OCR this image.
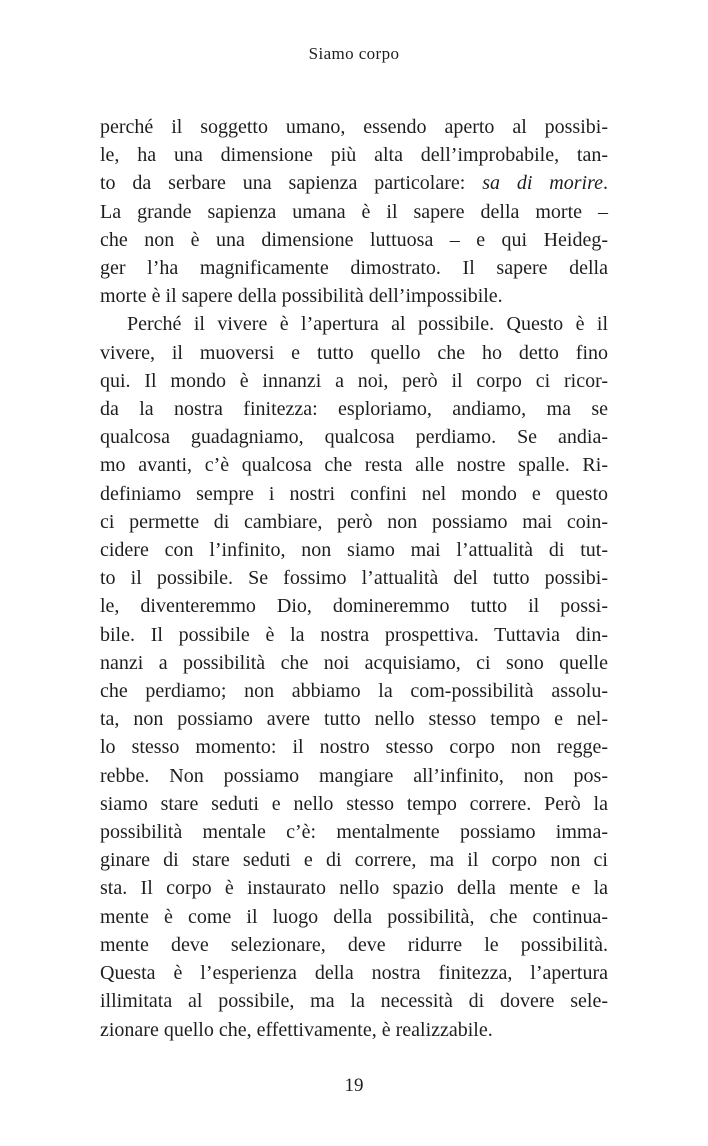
Siamo corpo
perché il soggetto umano, essendo aperto al possibi-
le, ha una dimensione più alta dell’improbabile, tan-
to da serbare una sapienza particolare: sa di morire.
La grande sapienza umana è il sapere della morte –
che non è una dimensione luttuosa – e qui Heideg-
ger l’ha magnificamente dimostrato. Il sapere della
morte è il sapere della possibilità dell’impossibile.
Perché il vivere è l’apertura al possibile. Questo è il
vivere, il muoversi e tutto quello che ho detto fino
qui. Il mondo è innanzi a noi, però il corpo ci ricor-
da la nostra finitezza: esploriamo, andiamo, ma se
qualcosa guadagniamo, qualcosa perdiamo. Se andia-
mo avanti, c’è qualcosa che resta alle nostre spalle. Ri-
definiamo sempre i nostri confini nel mondo e questo
ci permette di cambiare, però non possiamo mai coin-
cidere con l’infinito, non siamo mai l’attualità di tut-
to il possibile. Se fossimo l’attualità del tutto possibi-
le, diventeremmo Dio, domineremmo tutto il possi-
bile. Il possibile è la nostra prospettiva. Tuttavia din-
nanzi a possibilità che noi acquisiamo, ci sono quelle
che perdiamo; non abbiamo la com-possibilità assolu-
ta, non possiamo avere tutto nello stesso tempo e nel-
lo stesso momento: il nostro stesso corpo non regge-
rebbe. Non possiamo mangiare all’infinito, non pos-
siamo stare seduti e nello stesso tempo correre. Però la
possibilità mentale c’è: mentalmente possiamo imma-
ginare di stare seduti e di correre, ma il corpo non ci
sta. Il corpo è instaurato nello spazio della mente e la
mente è come il luogo della possibilità, che continua-
mente deve selezionare, deve ridurre le possibilità.
Questa è l’esperienza della nostra finitezza, l’apertura
illimitata al possibile, ma la necessità di dovere sele-
zionare quello che, effettivamente, è realizzabile.
19
